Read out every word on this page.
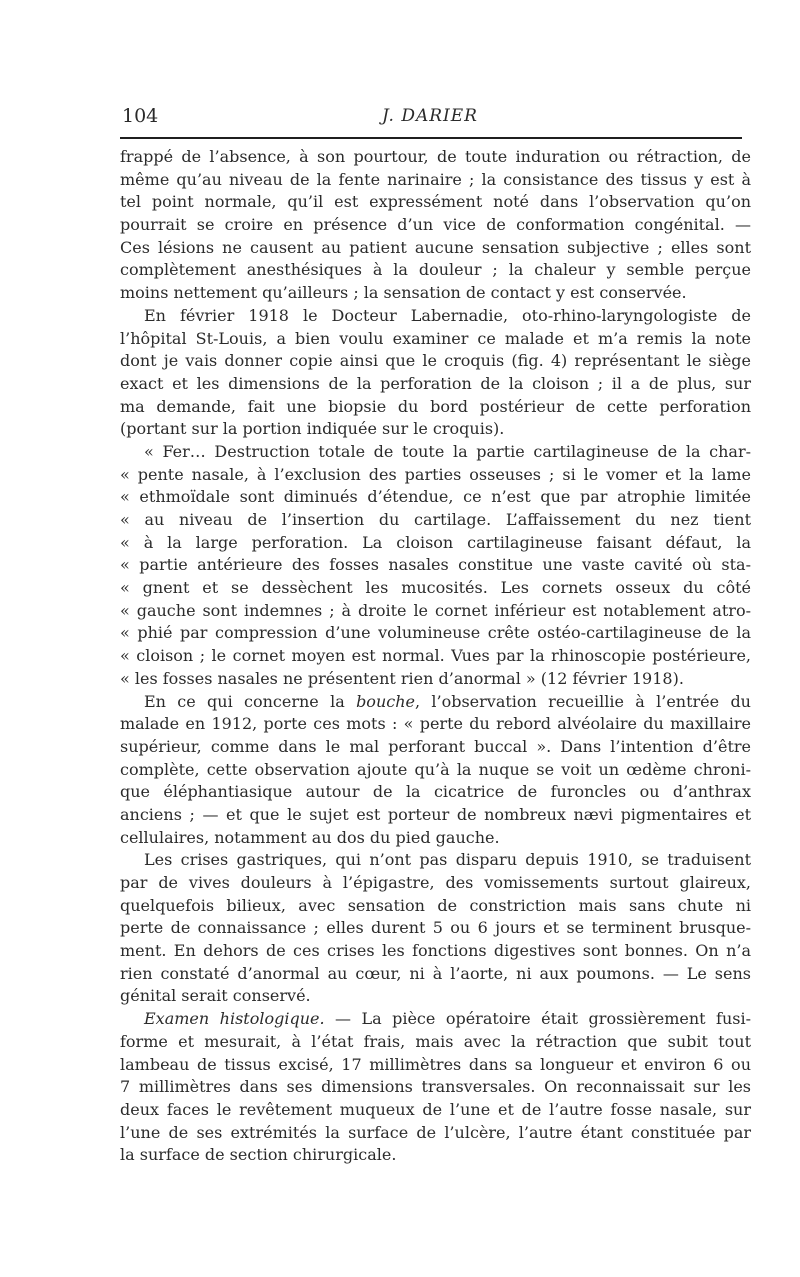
104	J. DARIER
frappé de l’absence, à son pourtour, de toute induration ou rétraction, de
même qu’au niveau de la fente narinaire ; la consistance des tissus y est à
tel point normale, qu’il est expressément noté dans l’observation qu’on
pourrait se croire en présence d’un vice de conformation congénital. —
Ces lésions ne causent au patient aucune sensation subjective ; elles sont
complètement anesthésiques à la douleur ; la chaleur y semble perçue
moins nettement qu’ailleurs ; la sensation de contact y est conservée.
En février 1918 le Docteur Labernadie, oto-rhino-laryngologiste de
l’hôpital St-Louis, a bien voulu examiner ce malade et m’a remis la note
dont je vais donner copie ainsi que le croquis (fig. 4) représentant le siège
exact et les dimensions de la perforation de la cloison ; il a de plus, sur
ma demande, fait une biopsie du bord postérieur de cette perforation
(portant sur la portion indiquée sur le croquis).
« Fer… Destruction totale de toute la partie cartilagineuse de la char-
« pente nasale, à l’exclusion des parties osseuses ; si le vomer et la lame
« ethmoïdale sont diminués d’étendue, ce n’est que par atrophie limitée
« au niveau de l’insertion du cartilage. L’affaissement du nez tient
« à la large perforation. La cloison cartilagineuse faisant défaut, la
« partie antérieure des fosses nasales constitue une vaste cavité où sta-
« gnent et se dessèchent les mucosités. Les cornets osseux du côté
« gauche sont indemnes ; à droite le cornet inférieur est notablement atro-
« phié par compression d’une volumineuse crête ostéo-cartilagineuse de la
« cloison ; le cornet moyen est normal. Vues par la rhinoscopie postérieure,
« les fosses nasales ne présentent rien d’anormal » (12 février 1918).
En ce qui concerne la bouche, l’observation recueillie à l’entrée du
malade en 1912, porte ces mots : « perte du rebord alvéolaire du maxillaire
supérieur, comme dans le mal perforant buccal ». Dans l’intention d’être
complète, cette observation ajoute qu’à la nuque se voit un œdème chroni-
que éléphantiasique autour de la cicatrice de furoncles ou d’anthrax
anciens ; — et que le sujet est porteur de nombreux nævi pigmentaires et
cellulaires, notamment au dos du pied gauche.
Les crises gastriques, qui n’ont pas disparu depuis 1910, se traduisent
par de vives douleurs à l’épigastre, des vomissements surtout glaireux,
quelquefois bilieux, avec sensation de constriction mais sans chute ni
perte de connaissance ; elles durent 5 ou 6 jours et se terminent brusque-
ment. En dehors de ces crises les fonctions digestives sont bonnes. On n’a
rien constaté d’anormal au cœur, ni à l’aorte, ni aux poumons. — Le sens
génital serait conservé.
Examen histologique. — La pièce opératoire était grossièrement fusi-
forme et mesurait, à l’état frais, mais avec la rétraction que subit tout
lambeau de tissus excisé, 17 millimètres dans sa longueur et environ 6 ou
7 millimètres dans ses dimensions transversales. On reconnaissait sur les
deux faces le revêtement muqueux de l’une et de l’autre fosse nasale, sur
l’une de ses extrémités la surface de l’ulcère, l’autre étant constituée par
la surface de section chirurgicale.
